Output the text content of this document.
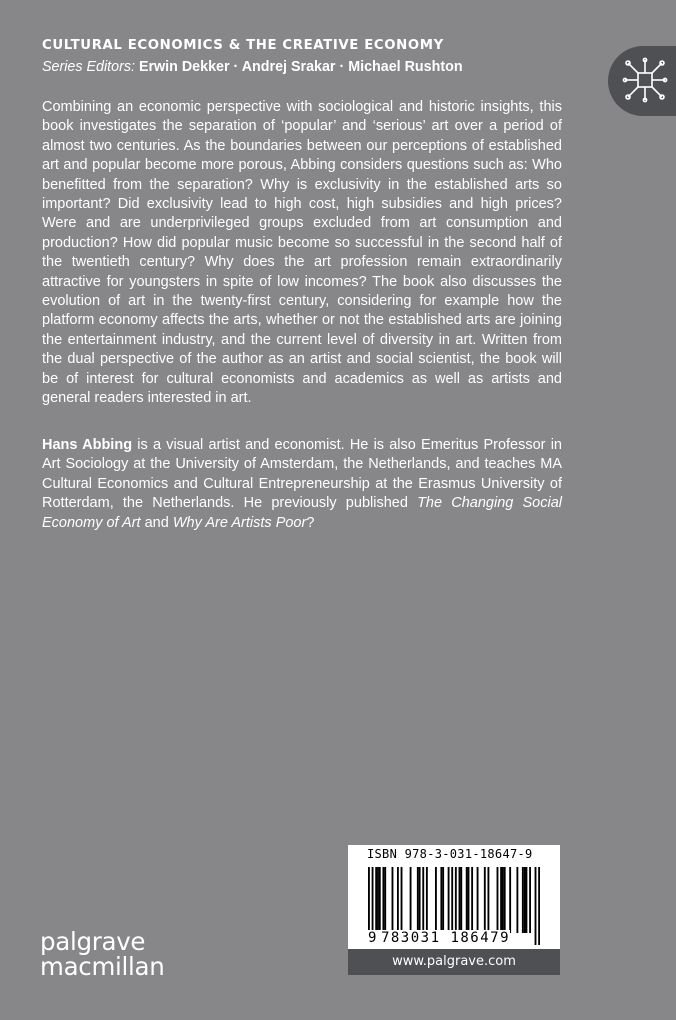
CULTURAL ECONOMICS & THE CREATIVE ECONOMY
Series Editors: Erwin Dekker · Andrej Srakar · Michael Rushton

Combining an economic perspective with sociological and historic insights, this book investigates the separation of ‘popular’ and ‘serious’ art over a period of almost two centuries. As the boundaries between our perceptions of established art and popular become more porous, Abbing considers questions such as: Who benefitted from the separation? Why is exclusivity in the established arts so important? Did exclusivity lead to high cost, high subsidies and high prices? Were and are underprivileged groups excluded from art consumption and production? How did popular music become so successful in the second half of the twentieth century? Why does the art profession remain extraordinarily attractive for youngsters in spite of low incomes? The book also discusses the evolution of art in the twenty-first century, considering for example how the platform economy affects the arts, whether or not the established arts are joining the entertainment industry, and the current level of diversity in art. Written from the dual perspective of the author as an artist and social scientist, the book will be of interest for cultural economists and academics as well as artists and general readers interested in art.

Hans Abbing is a visual artist and economist. He is also Emeritus Professor in Art Sociology at the University of Amsterdam, the Netherlands, and teaches MA Cultural Economics and Cultural Entrepreneurship at the Erasmus University of Rotterdam, the Netherlands. He previously published The Changing Social Economy of Art and Why Are Artists Poor?

palgrave
macmillan
ISBN 978-3-031-18647-9
9 783031 186479
www.palgrave.com
